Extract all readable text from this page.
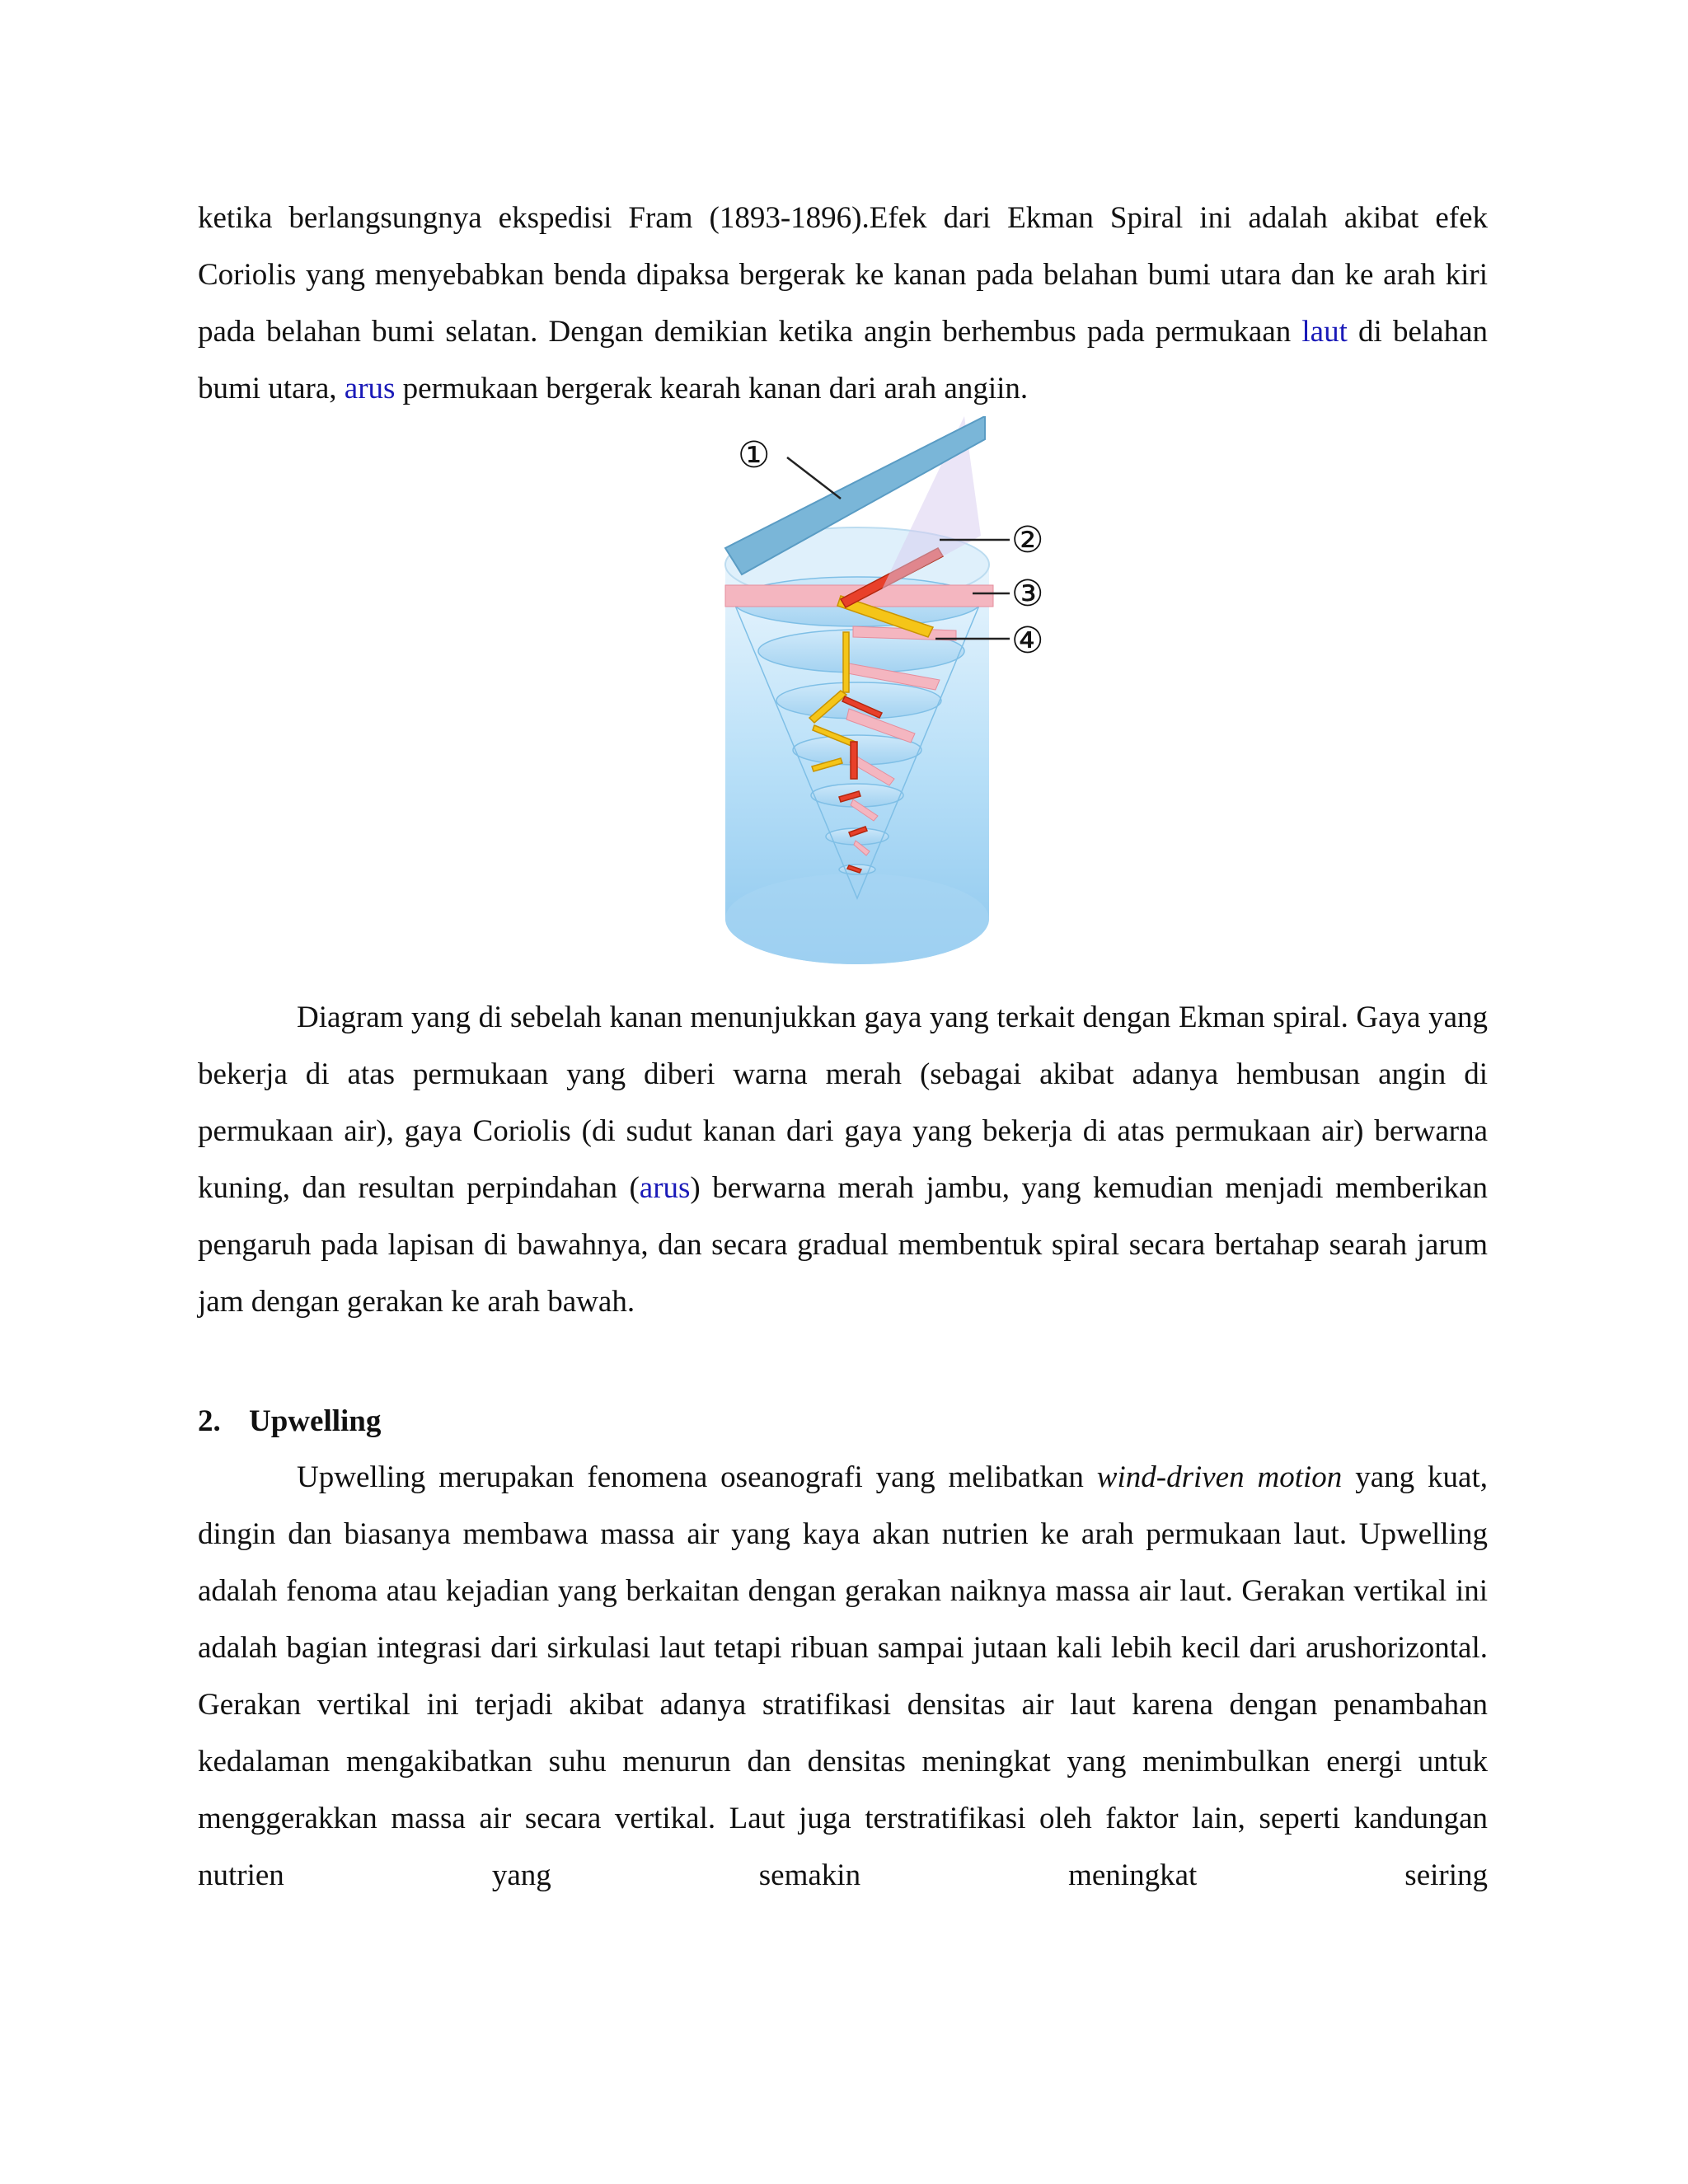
ketika berlangsungnya ekspedisi Fram (1893-1896).Efek dari Ekman Spiral ini adalah akibat efek Coriolis yang menyebabkan benda dipaksa bergerak ke kanan pada belahan bumi utara dan ke arah kiri pada belahan bumi selatan. Dengan demikian ketika angin berhembus pada permukaan laut di belahan bumi utara, arus permukaan bergerak kearah kanan dari arah angiin.

①
②
③
④

Diagram yang di sebelah kanan menunjukkan gaya yang terkait dengan Ekman spiral. Gaya yang bekerja di atas permukaan yang diberi warna merah (sebagai akibat adanya hembusan angin di permukaan air), gaya Coriolis (di sudut kanan dari gaya yang bekerja di atas permukaan air) berwarna kuning, dan resultan perpindahan (arus) berwarna merah jambu, yang kemudian menjadi memberikan pengaruh pada lapisan di bawahnya, dan secara gradual membentuk spiral secara bertahap searah jarum jam dengan gerakan ke arah bawah.

2. Upwelling

Upwelling merupakan fenomena oseanografi yang melibatkan wind-driven motion yang kuat, dingin dan biasanya membawa massa air yang kaya akan nutrien ke arah permukaan laut. Upwelling adalah fenoma atau kejadian yang berkaitan dengan gerakan naiknya massa air laut. Gerakan vertikal ini adalah bagian integrasi dari sirkulasi laut tetapi ribuan sampai jutaan kali lebih kecil dari arushorizontal. Gerakan vertikal ini terjadi akibat adanya stratifikasi densitas air laut karena dengan penambahan kedalaman mengakibatkan suhu menurun dan densitas meningkat yang menimbulkan energi untuk menggerakkan massa air secara vertikal. Laut juga terstratifikasi oleh faktor lain, seperti kandungan nutrien yang semakin meningkat seiring
